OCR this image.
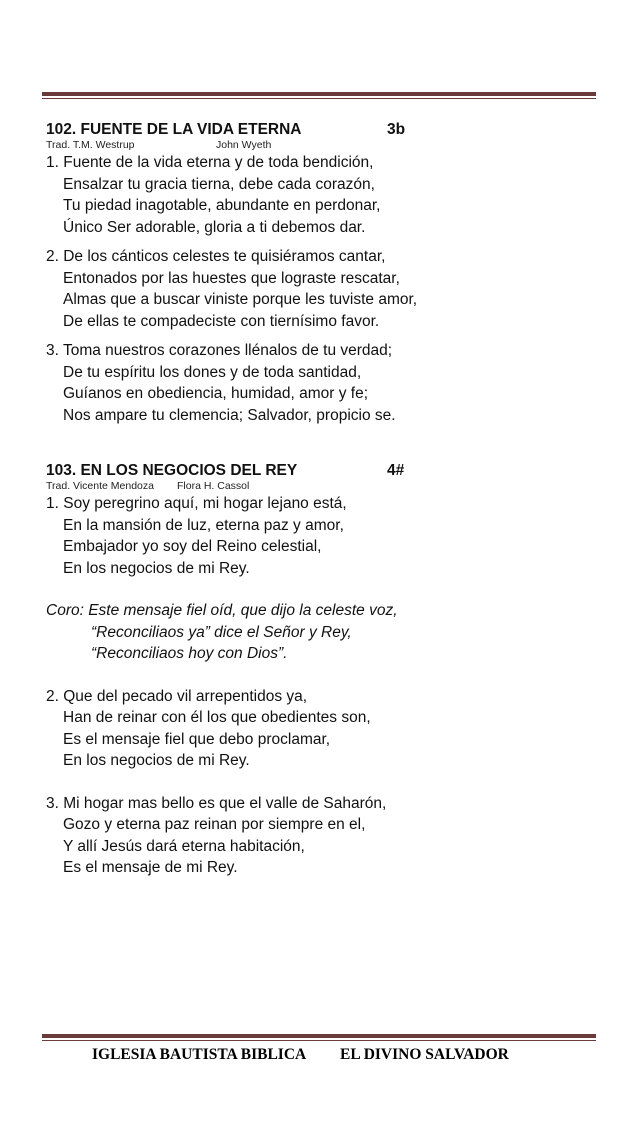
102. FUENTE DE LA VIDA ETERNA	3b
Trad. T.M. Westrup	John Wyeth
1. Fuente de la vida eterna y de toda bendición,
Ensalzar tu gracia tierna, debe cada corazón,
Tu piedad inagotable, abundante en perdonar,
Único Ser adorable, gloria a ti debemos dar.
2. De los cánticos celestes te quisiéramos cantar,
Entonados por las huestes que lograste rescatar,
Almas que a buscar viniste porque les tuviste amor,
De ellas te compadeciste con tiernísimo favor.
3. Toma nuestros corazones llénalos de tu verdad;
De tu espíritu los dones y de toda santidad,
Guíanos en obediencia, humidad, amor y fe;
Nos ampare tu clemencia; Salvador, propicio se.
103. EN LOS NEGOCIOS DEL REY	4#
Trad. Vicente Mendoza Flora H. Cassol
1. Soy peregrino aquí, mi hogar lejano está,
En la mansión de luz, eterna paz y amor,
Embajador yo soy del Reino celestial,
En los negocios de mi Rey.
Coro: Este mensaje fiel oíd, que dijo la celeste voz,
“Reconciliaos ya” dice el Señor y Rey,
“Reconciliaos hoy con Dios”.
2. Que del pecado vil arrepentidos ya,
Han de reinar con él los que obedientes son,
Es el mensaje fiel que debo proclamar,
En los negocios de mi Rey.
3. Mi hogar mas bello es que el valle de Saharón,
Gozo y eterna paz reinan por siempre en el,
Y allí Jesús dará eterna habitación,
Es el mensaje de mi Rey.
IGLESIA BAUTISTA BIBLICA EL DIVINO SALVADOR
